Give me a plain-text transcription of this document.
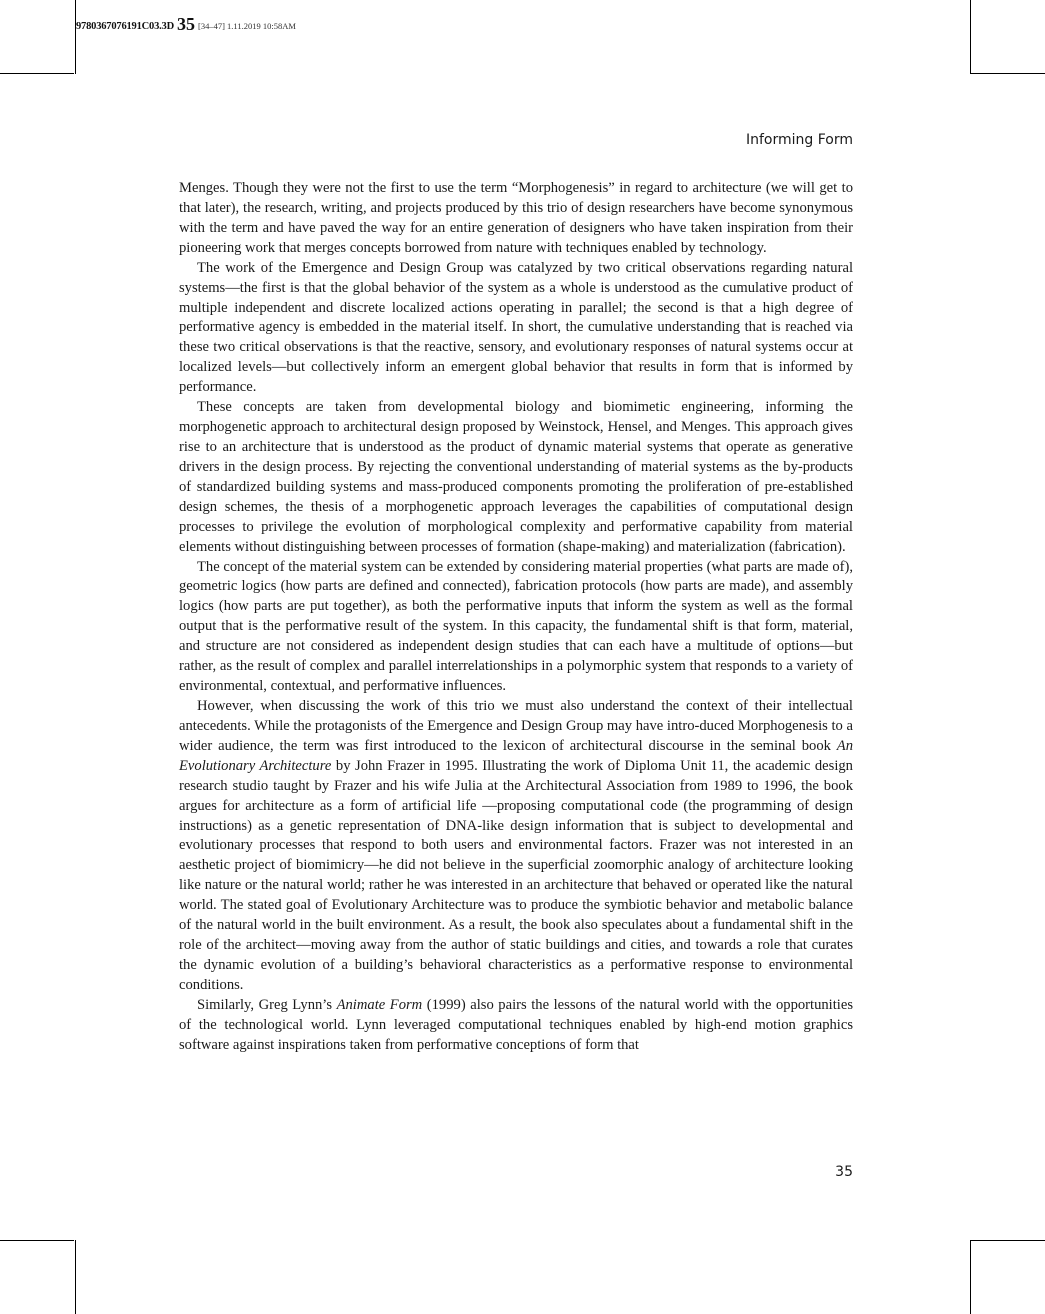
9780367076191C03.3D 35 [34–47] 1.11.2019 10:58AM
Informing Form

Menges. Though they were not the first to use the term “Morphogenesis” in regard to architecture (we will get to that later), the research, writing, and projects produced by this trio of design researchers have become synonymous with the term and have paved the way for an entire generation of designers who have taken inspiration from their pioneering work that merges concepts borrowed from nature with techniques enabled by technology.

The work of the Emergence and Design Group was catalyzed by two critical observations regarding natural systems—the first is that the global behavior of the system as a whole is understood as the cumulative product of multiple independent and discrete localized actions operating in parallel; the second is that a high degree of performative agency is embedded in the material itself. In short, the cumulative understanding that is reached via these two critical observations is that the reactive, sensory, and evolutionary responses of natural systems occur at localized levels—but collectively inform an emergent global behavior that results in form that is informed by performance.

These concepts are taken from developmental biology and biomimetic engineering, informing the morphogenetic approach to architectural design proposed by Weinstock, Hensel, and Menges. This approach gives rise to an architecture that is understood as the product of dynamic material systems that operate as generative drivers in the design process. By rejecting the conventional understanding of material systems as the by-products of standardized building systems and mass-produced components promoting the proliferation of pre-established design schemes, the thesis of a morphogenetic approach leverages the capabilities of computational design processes to privilege the evolution of morphological complexity and performative capability from material elements without distinguishing between processes of formation (shape-making) and materialization (fabrication).

The concept of the material system can be extended by considering material properties (what parts are made of), geometric logics (how parts are defined and connected), fabrication protocols (how parts are made), and assembly logics (how parts are put together), as both the performative inputs that inform the system as well as the formal output that is the performative result of the system. In this capacity, the fundamental shift is that form, material, and structure are not considered as independent design studies that can each have a multitude of options—but rather, as the result of complex and parallel interrelationships in a polymorphic system that responds to a variety of environmental, contextual, and performative influences.

However, when discussing the work of this trio we must also understand the context of their intellectual antecedents. While the protagonists of the Emergence and Design Group may have intro-duced Morphogenesis to a wider audience, the term was first introduced to the lexicon of architectural discourse in the seminal book An Evolutionary Architecture by John Frazer in 1995. Illustrating the work of Diploma Unit 11, the academic design research studio taught by Frazer and his wife Julia at the Architectural Association from 1989 to 1996, the book argues for architecture as a form of artificial life —proposing computational code (the programming of design instructions) as a genetic representation of DNA-like design information that is subject to developmental and evolutionary processes that respond to both users and environmental factors. Frazer was not interested in an aesthetic project of biomimicry—he did not believe in the superficial zoomorphic analogy of architecture looking like nature or the natural world; rather he was interested in an architecture that behaved or operated like the natural world. The stated goal of Evolutionary Architecture was to produce the symbiotic behavior and metabolic balance of the natural world in the built environment. As a result, the book also speculates about a fundamental shift in the role of the architect—moving away from the author of static buildings and cities, and towards a role that curates the dynamic evolution of a building’s behavioral characteristics as a performative response to environmental conditions.

Similarly, Greg Lynn’s Animate Form (1999) also pairs the lessons of the natural world with the opportunities of the technological world. Lynn leveraged computational techniques enabled by high-end motion graphics software against inspirations taken from performative conceptions of form that

35
